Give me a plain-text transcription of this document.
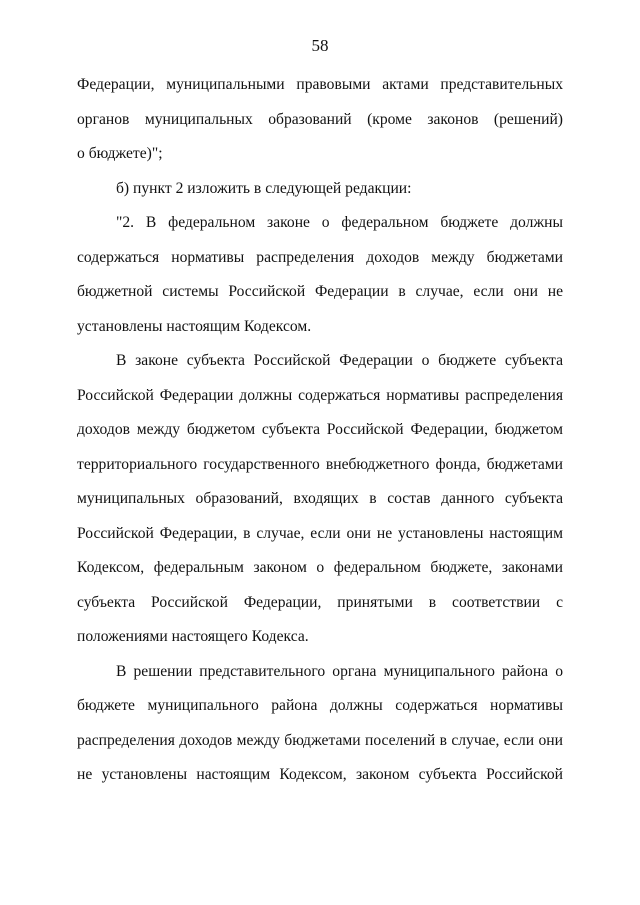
58
Федерации, муниципальными правовыми актами представительных
органов муниципальных образований (кроме законов (решений)
о бюджете)";
б) пункт 2 изложить в следующей редакции:
"2. В федеральном законе о федеральном бюджете должны
содержаться нормативы распределения доходов между бюджетами
бюджетной системы Российской Федерации в случае, если они не
установлены настоящим Кодексом.
В законе субъекта Российской Федерации о бюджете субъекта
Российской Федерации должны содержаться нормативы распределения
доходов между бюджетом субъекта Российской Федерации, бюджетом
территориального государственного внебюджетного фонда, бюджетами
муниципальных образований, входящих в состав данного субъекта
Российской Федерации, в случае, если они не установлены настоящим
Кодексом, федеральным законом о федеральном бюджете, законами
субъекта Российской Федерации, принятыми в соответствии с
положениями настоящего Кодекса.
В решении представительного органа муниципального района о
бюджете муниципального района должны содержаться нормативы
распределения доходов между бюджетами поселений в случае, если они
не установлены настоящим Кодексом, законом субъекта Российской
